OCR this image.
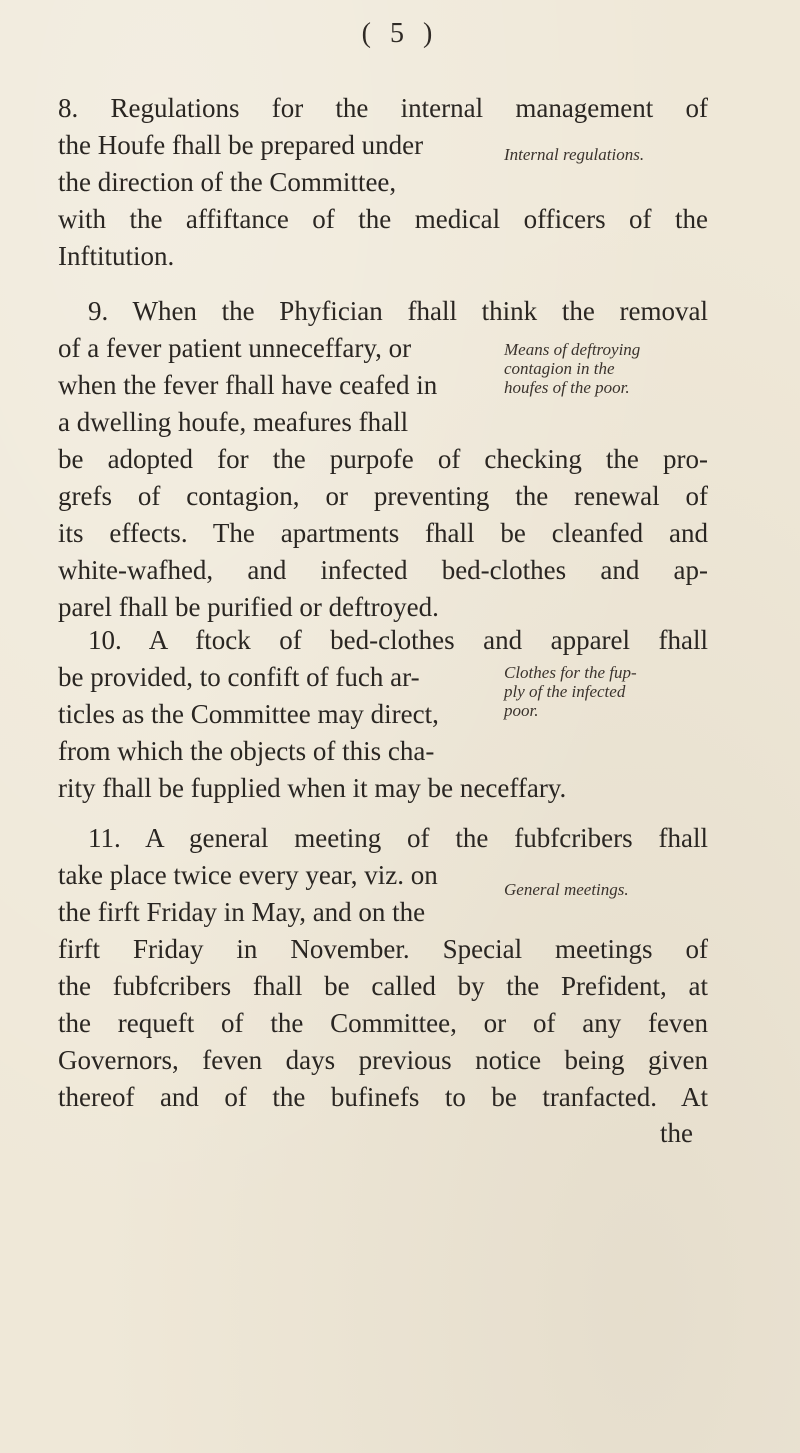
( 5 )
8. Regulations for the internal management of
the Houfe fhall be prepared under
the direction of the Committee,
with the affiftance of the medical officers of the
Inftitution.
Internal regulations.
9. When the Phyfician fhall think the removal
of a fever patient unneceffary, or
when the fever fhall have ceafed in
a dwelling houfe, meafures fhall
be adopted for the purpofe of checking the pro-
grefs of contagion, or preventing the renewal of
its effects. The apartments fhall be cleanfed and
white-wafhed, and infected bed-clothes and ap-
parel fhall be purified or deftroyed.
Means of deftroying
contagion in the
houfes of the poor.
10. A ftock of bed-clothes and apparel fhall
be provided, to confift of fuch ar-
ticles as the Committee may direct,
from which the objects of this cha-
rity fhall be fupplied when it may be neceffary.
Clothes for the fup-
ply of the infected
poor.
11. A general meeting of the fubfcribers fhall
take place twice every year, viz. on
the firft Friday in May, and on the
firft Friday in November. Special meetings of
the fubfcribers fhall be called by the Prefident, at
the requeft of the Committee, or of any feven
Governors, feven days previous notice being given
thereof and of the bufinefs to be tranfacted. At
General meetings.
the
